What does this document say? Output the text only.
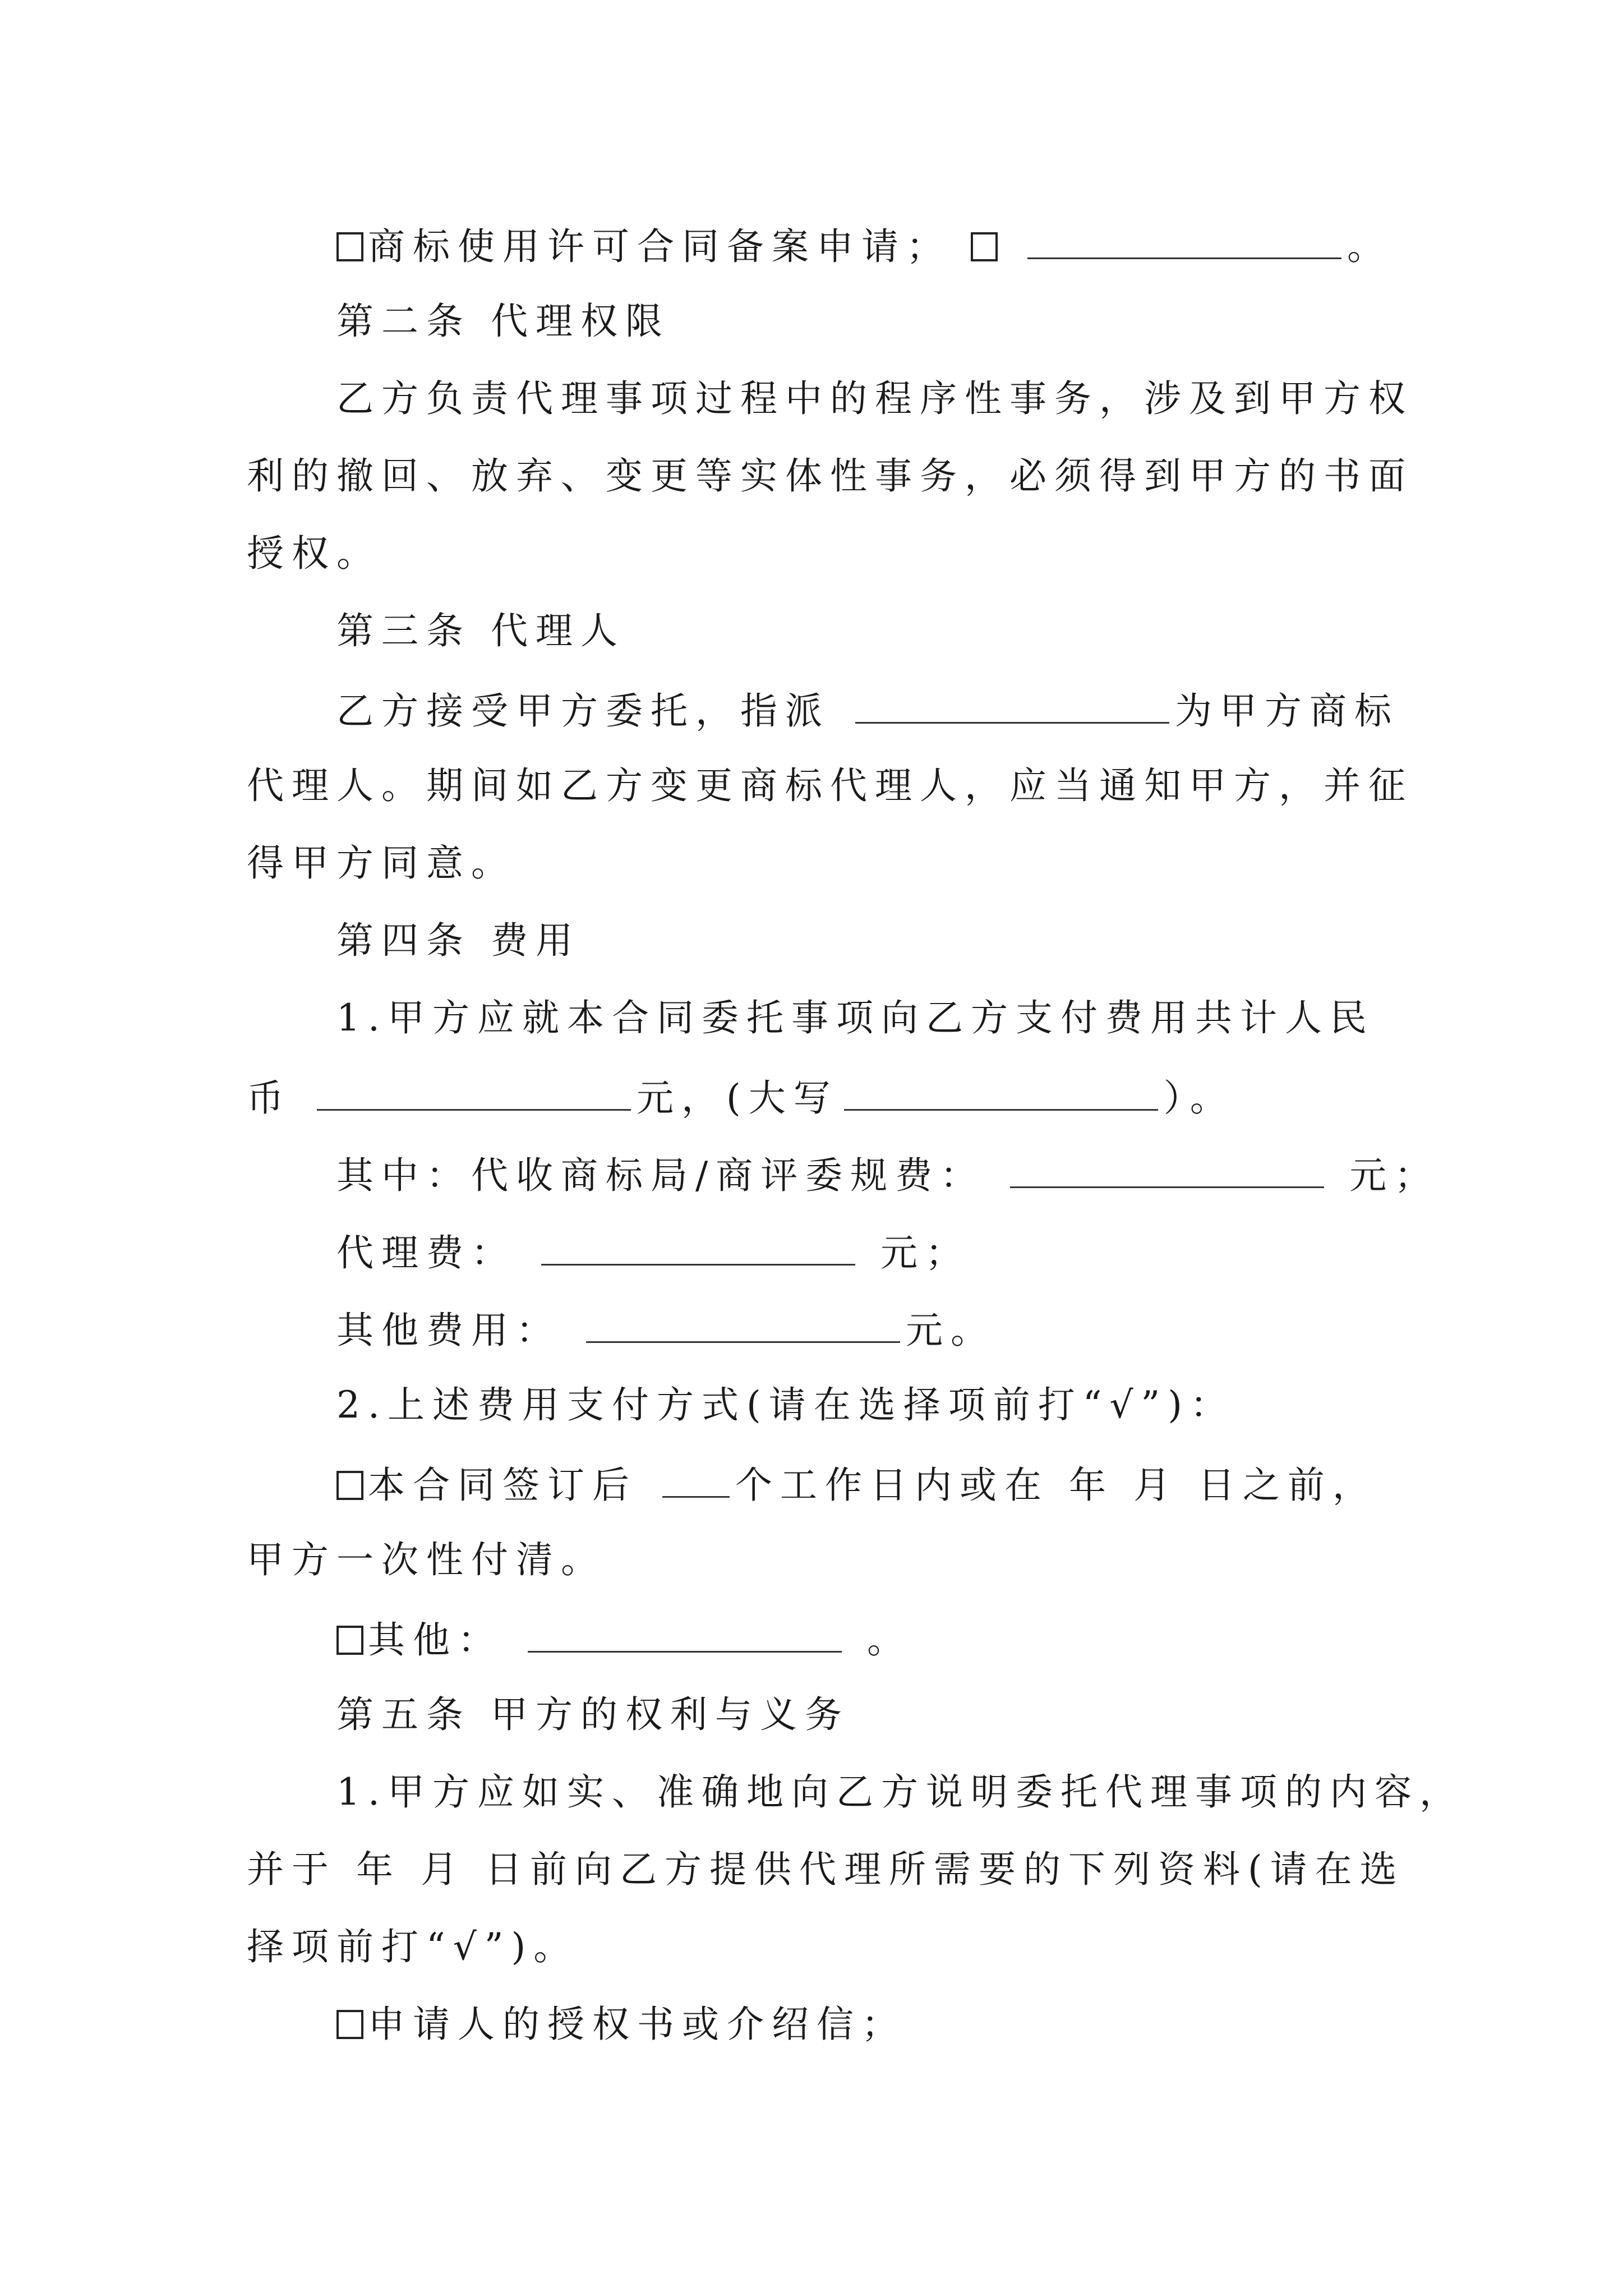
商标使用许可合同备案申请；	。
第二条 代理权限
乙方负责代理事项过程中的程序性事务，涉及到甲方权
利的撤回、放弃、变更等实体性事务，必须得到甲方的书面
授权。
第三条 代理人
乙方接受甲方委托，指派	为甲方商标
代理人。期间如乙方变更商标代理人，应当通知甲方，并征
得甲方同意。
第四条 费用
1.甲方应就本合同委托事项向乙方支付费用共计人民
币	元，(大写	）。
其中：代收商标局/商评委规费：	元；
代理费：	元；
其他费用：	元。
2.上述费用支付方式(请在选择项前打“√”)：
本合同签订后	个工作日内或在 年 月 日之前，
甲方一次性付清。
其他：	。
第五条 甲方的权利与义务
1.甲方应如实、准确地向乙方说明委托代理事项的内容，
并于 年 月 日前向乙方提供代理所需要的下列资料(请在选
择项前打“√”)。
申请人的授权书或介绍信；
